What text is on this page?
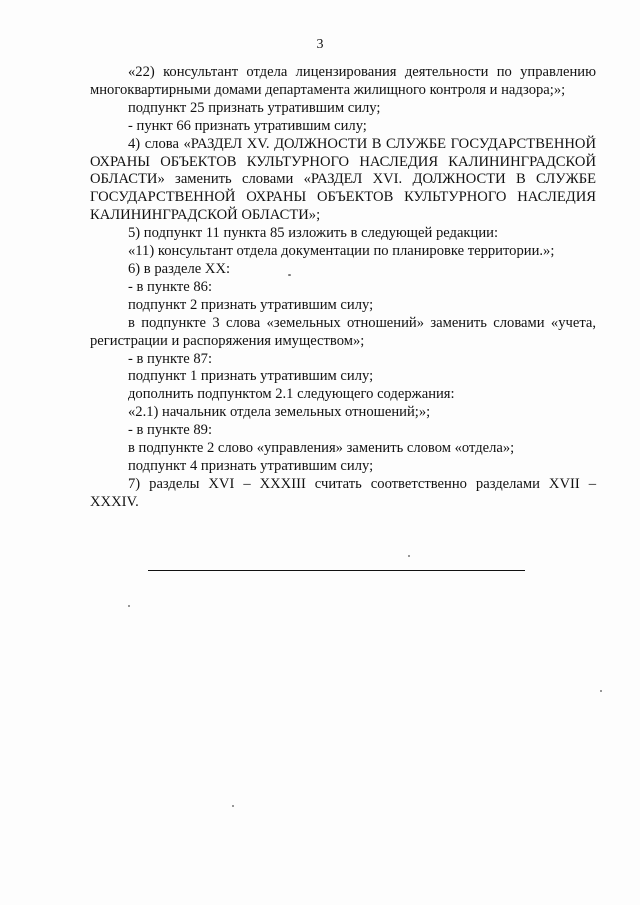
3

«22) консультант отдела лицензирования деятельности по управлению многоквартирными домами департамента жилищного контроля и надзора;»;

подпункт 25 признать утратившим силу;

- пункт 66 признать утратившим силу;

4) слова «РАЗДЕЛ XV. ДОЛЖНОСТИ В СЛУЖБЕ ГОСУДАРСТВЕННОЙ ОХРАНЫ ОБЪЕКТОВ КУЛЬТУРНОГО НАСЛЕДИЯ КАЛИНИНГРАДСКОЙ ОБЛАСТИ» заменить словами «РАЗДЕЛ XVI. ДОЛЖНОСТИ В СЛУЖБЕ ГОСУДАРСТВЕННОЙ ОХРАНЫ ОБЪЕКТОВ КУЛЬТУРНОГО НАСЛЕДИЯ КАЛИНИНГРАДСКОЙ ОБЛАСТИ»;

5) подпункт 11 пункта 85 изложить в следующей редакции:

«11) консультант отдела документации по планировке территории.»;

6) в разделе XX:

- в пункте 86:

подпункт 2 признать утратившим силу;

в подпункте 3 слова «земельных отношений» заменить словами «учета, регистрации и распоряжения имуществом»;

- в пункте 87:

подпункт 1 признать утратившим силу;

дополнить подпунктом 2.1 следующего содержания:

«2.1) начальник отдела земельных отношений;»;

- в пункте 89:

в подпункте 2 слово «управления» заменить словом «отдела»;

подпункт 4 признать утратившим силу;

7) разделы XVI – XXXIII считать соответственно разделами XVII – XXXIV.
